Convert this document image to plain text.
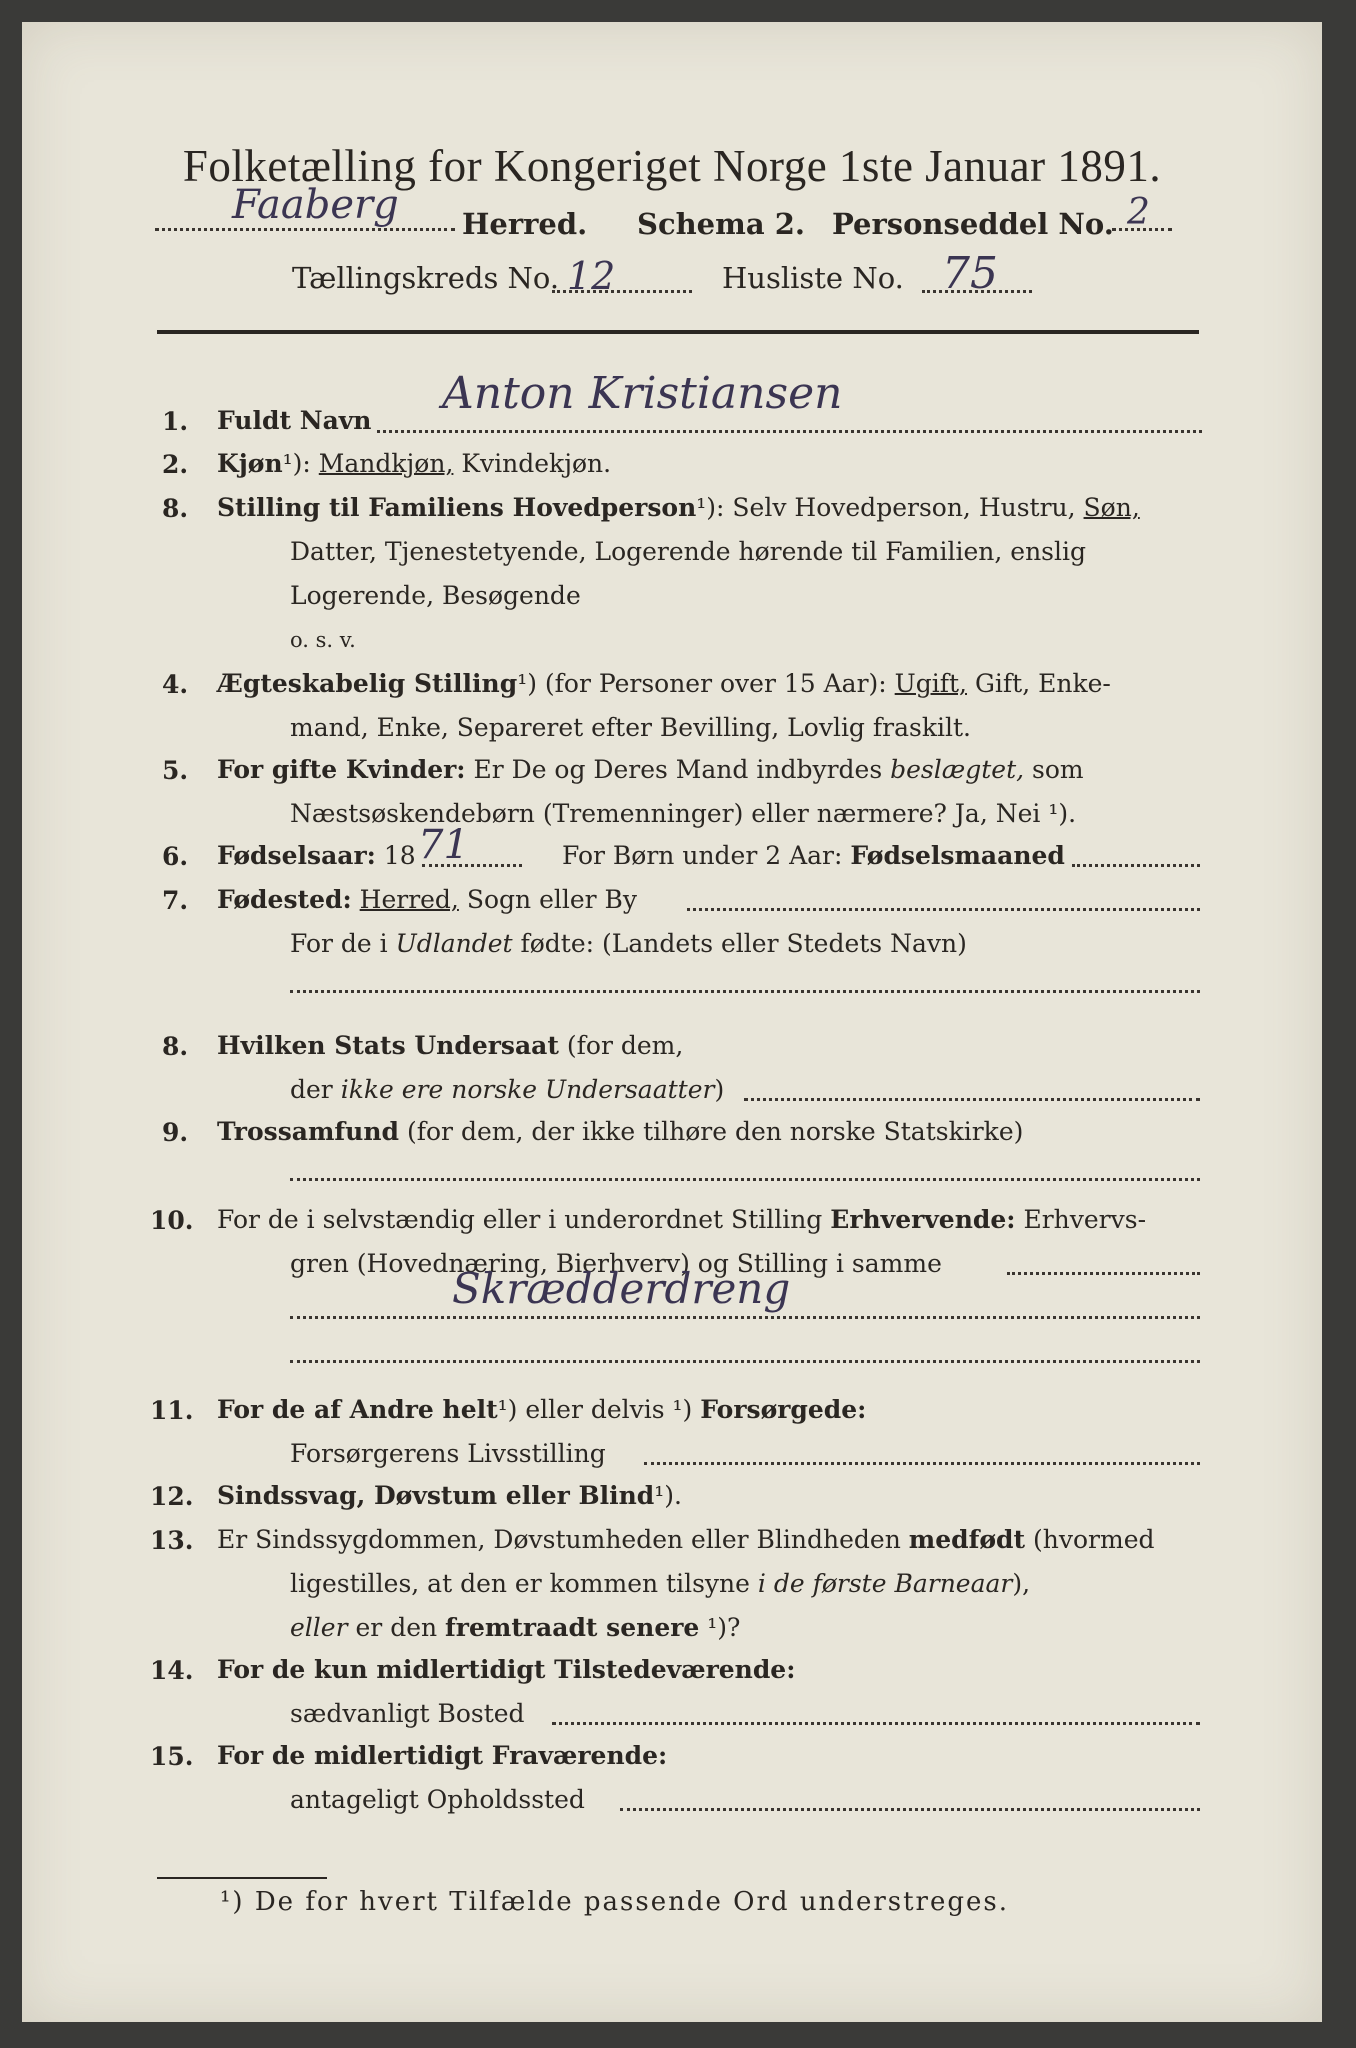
Folketælling for Kongeriget Norge 1ste Januar 1891.
Faaberg Herred. Schema 2. Personseddel No. 2
Tællingskreds No. 12	Husliste No. 75
1. Fuldt Navn
Anton Kristiansen
2. Kjøn¹): Mandkjøn, Kvindekjøn.
8. Stilling til Familiens Hovedperson¹): Selv Hovedperson, Hustru, Søn,
Datter, Tjenestetyende, Logerende hørende til Familien, enslig
Logerende, Besøgende
o. s. v.
4. Ægteskabelig Stilling¹) (for Personer over 15 Aar): Ugift, Gift, Enke-
mand, Enke, Separeret efter Bevilling, Lovlig fraskilt.
5. For gifte Kvinder: Er De og Deres Mand indbyrdes beslægtet, som
Næstsøskendebørn (Tremenninger) eller nærmere? Ja, Nei ¹).
6. Fødselsaar: 18 71	For Børn under 2 Aar: Fødselsmaaned
7. Fødested: Herred, Sogn eller By
For de i Udlandet fødte: (Landets eller Stedets Navn)
8. Hvilken Stats Undersaat (for dem,
der ikke ere norske Undersaatter)
9. Trossamfund (for dem, der ikke tilhøre den norske Statskirke)
10. For de i selvstændig eller i underordnet Stilling Erhvervende: Erhvervs-
gren (Hovednæring, Bierhverv) og Stilling i samme
Skrædderdreng
11. For de af Andre helt¹) eller delvis ¹) Forsørgede:
Forsørgerens Livsstilling
12. Sindssvag, Døvstum eller Blind¹).
13. Er Sindssygdommen, Døvstumheden eller Blindheden medfødt (hvormed
ligestilles, at den er kommen tilsyne i de første Barneaar),
eller er den fremtraadt senere ¹)?
14. For de kun midlertidigt Tilstedeværende:
sædvanligt Bosted
15. For de midlertidigt Fraværende:
antageligt Opholdssted
¹) De for hvert Tilfælde passende Ord understreges.
